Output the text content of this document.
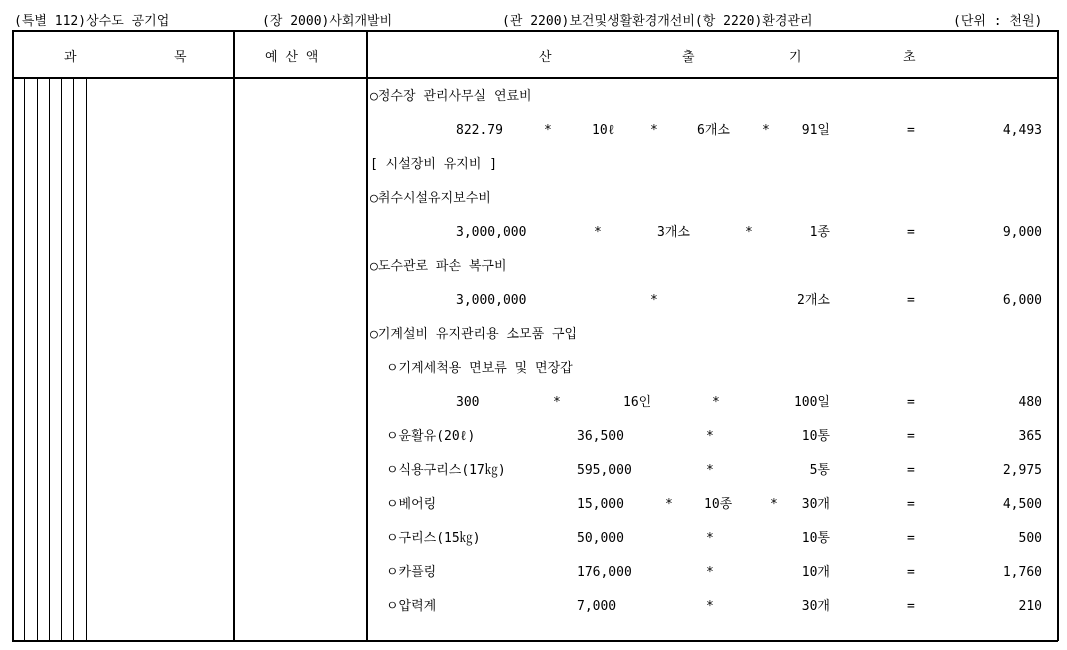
(특별 112)상수도 공기업	(장 2000)사회개발비	(관 2200)보건및생활환경개선비(항 2220)환경관리	(단위 : 천원)
과	목	예 산 액	산	출	기	초
○정수장 관리사무실 연료비
822.79	*	10ℓ	*	6개소 * 91일	=	4,493
[ 시설장비 유지비 ]
○취수시설유지보수비
3,000,000	*	3개소	*	1종	=	9,000
○도수관로 파손 복구비
3,000,000	*	2개소	=	6,000
○기계설비 유지관리용 소모품 구입
ㅇ기계세척용 면보류 및 면장갑
300	*	16인	*	100일	=	480
ㅇ윤활유(20ℓ)	36,500	*	10통	=	365
ㅇ식용구리스(17㎏)	595,000	*	5통	=	2,975
ㅇ베어링	15,000	* 10종	*	30개	=	4,500
ㅇ구리스(15㎏)	50,000	*	10통	=	500
ㅇ카플링	176,000	*	10개	=	1,760
ㅇ압력계	7,000	*	30개	=	210
